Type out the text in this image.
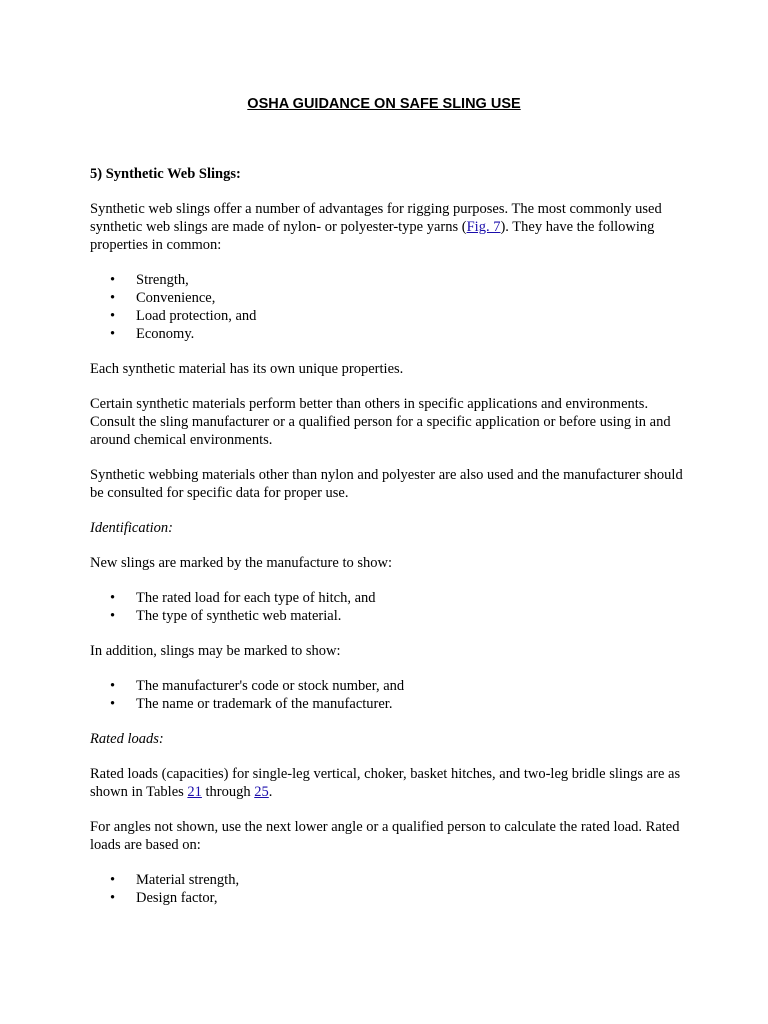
OSHA GUIDANCE ON SAFE SLING USE

5) Synthetic Web Slings:

Synthetic web slings offer a number of advantages for rigging purposes. The most commonly used synthetic web slings are made of nylon- or polyester-type yarns (Fig. 7). They have the following properties in common:

• Strength,
• Convenience,
• Load protection, and
• Economy.

Each synthetic material has its own unique properties.

Certain synthetic materials perform better than others in specific applications and environments. Consult the sling manufacturer or a qualified person for a specific application or before using in and around chemical environments.

Synthetic webbing materials other than nylon and polyester are also used and the manufacturer should be consulted for specific data for proper use.

Identification:

New slings are marked by the manufacture to show:

• The rated load for each type of hitch, and
• The type of synthetic web material.

In addition, slings may be marked to show:

• The manufacturer's code or stock number, and
• The name or trademark of the manufacturer.

Rated loads:

Rated loads (capacities) for single-leg vertical, choker, basket hitches, and two-leg bridle slings are as shown in Tables 21 through 25.

For angles not shown, use the next lower angle or a qualified person to calculate the rated load. Rated loads are based on:

• Material strength,
• Design factor,
